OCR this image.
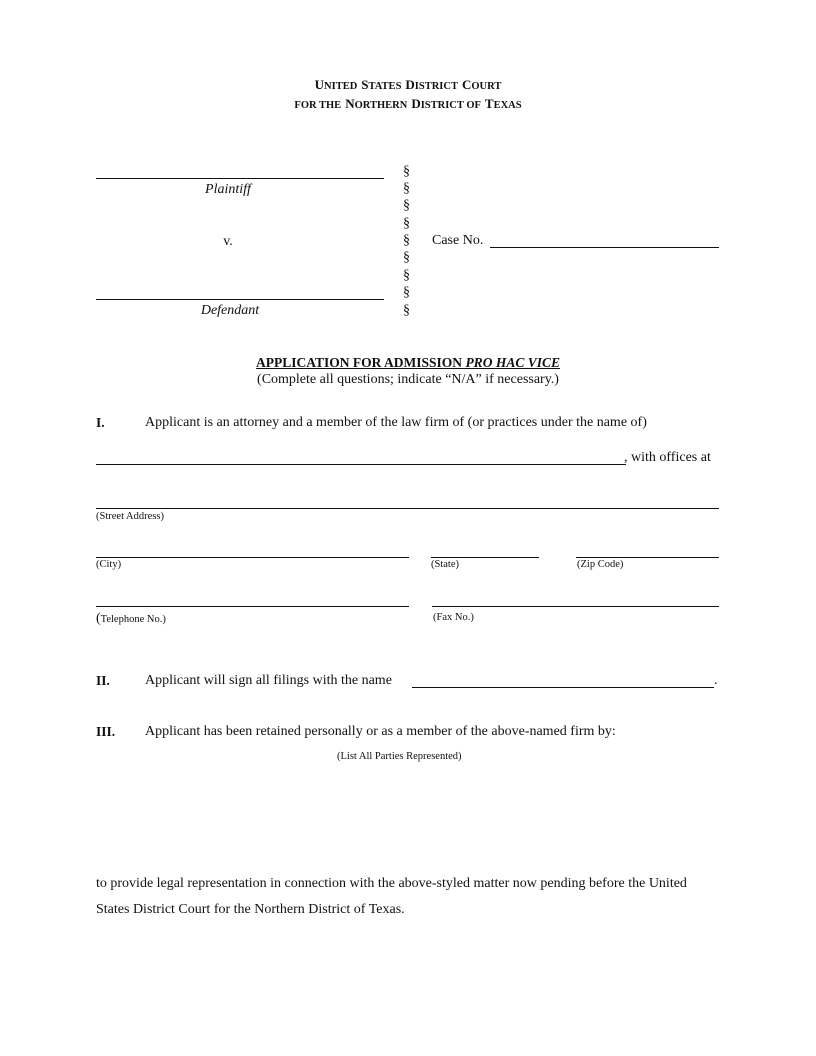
UNITED STATES DISTRICT COURT
FOR THE NORTHERN DISTRICT OF TEXAS
Plaintiff
v.
Defendant
§
§
§
§
§
§
§
§
§
Case No.
APPLICATION FOR ADMISSION PRO HAC VICE
(Complete all questions; indicate “N/A” if necessary.)
I.	Applicant is an attorney and a member of the law firm of (or practices under the name of)
, with offices at
(Street Address)
(City)	(State)	(Zip Code)
(Telephone No.)	(Fax No.)
II.	Applicant will sign all filings with the name	.
III. Applicant has been retained personally or as a member of the above-named firm by:
(List All Parties Represented)
to provide legal representation in connection with the above-styled matter now pending before the United
States District Court for the Northern District of Texas.
